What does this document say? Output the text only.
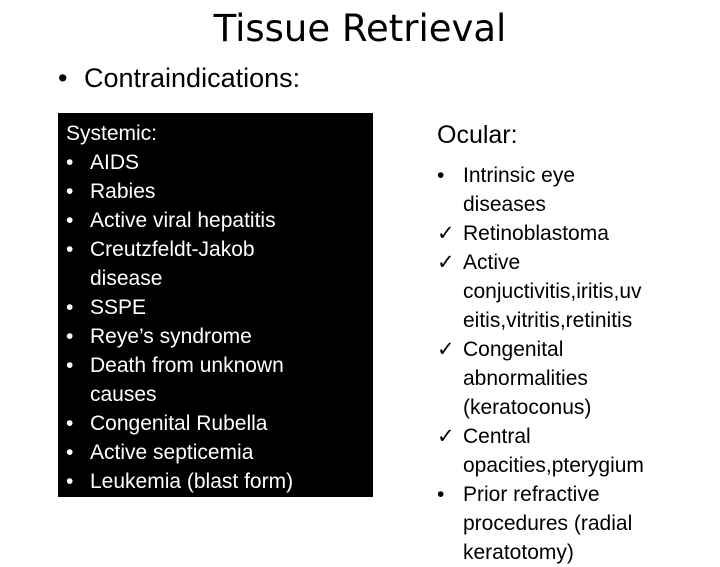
Tissue Retrieval
• Contraindications:
Systemic:
• AIDS
• Rabies
• Active viral hepatitis
• Creutzfeldt-Jakob
disease
• SSPE
• Reye’s syndrome
• Death from unknown
causes
• Congenital Rubella
• Active septicemia
• Leukemia (blast form)
Ocular:
• Intrinsic eye
diseases
✓ Retinoblastoma
✓ Active
conjuctivitis,iritis,uv
eitis,vitritis,retinitis
✓ Congenital
abnormalities
(keratoconus)
✓ Central
opacities,pterygium
• Prior refractive
procedures (radial
keratotomy)
